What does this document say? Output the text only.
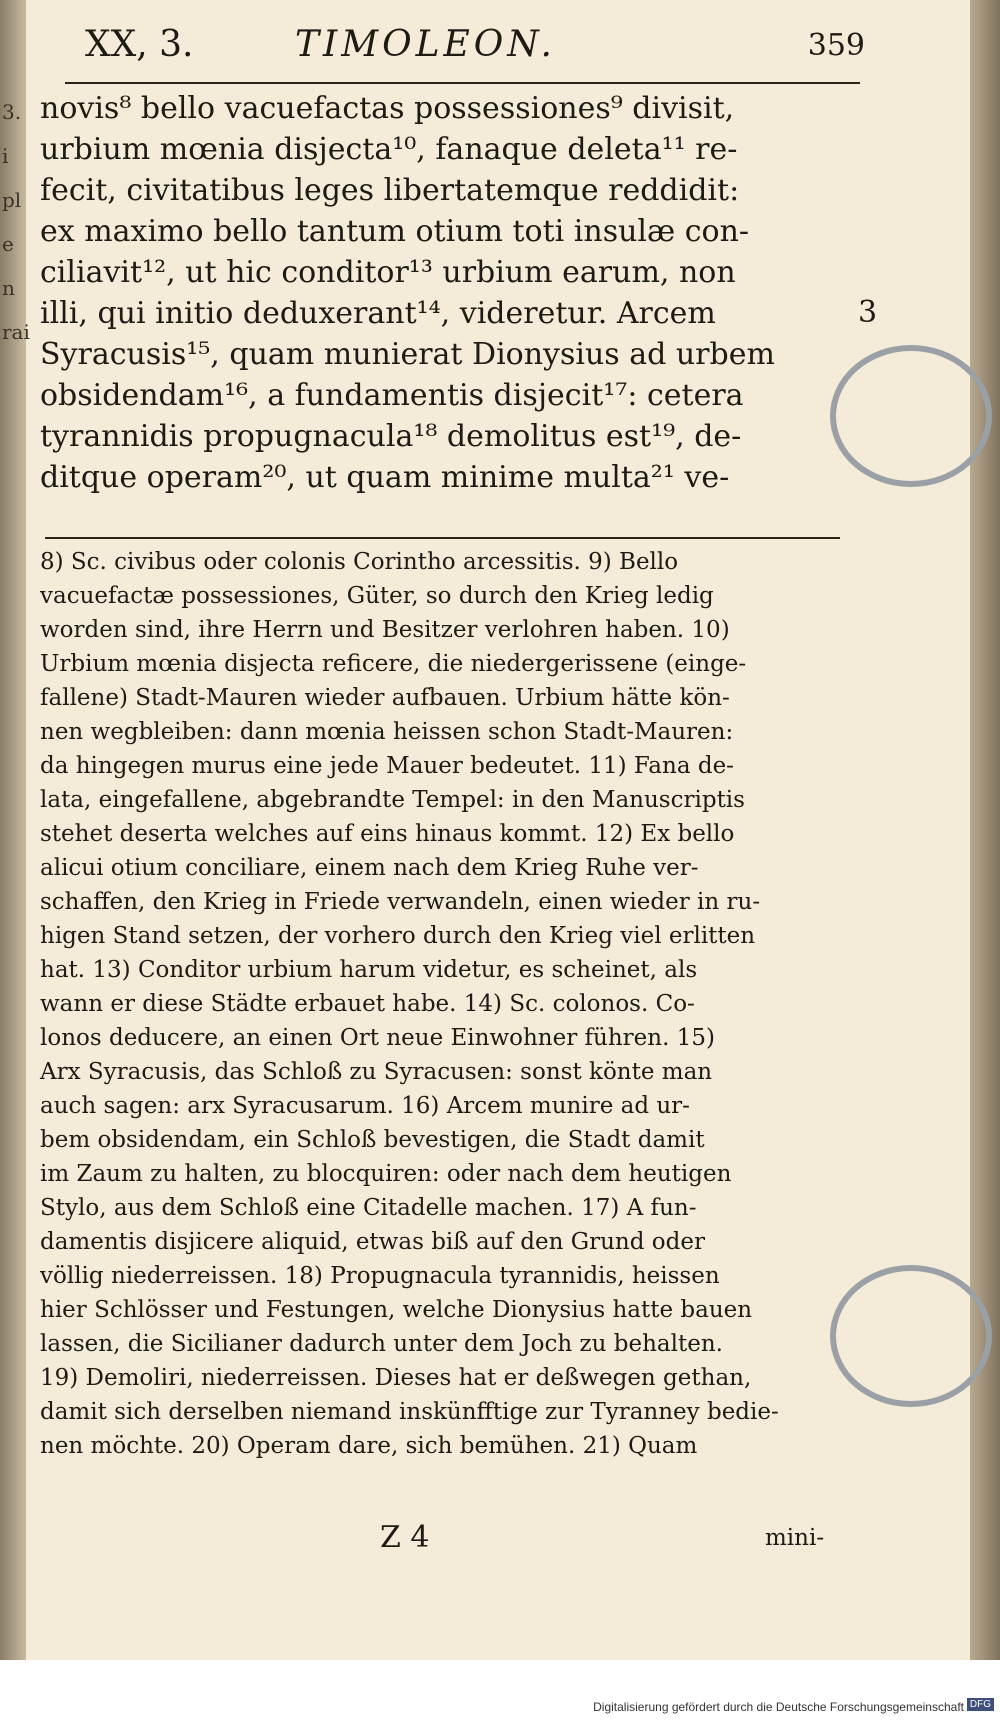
3.
i
pl
e
n
rai
XX, 3.	TIMOLEON.	359
novis⁸ bello vacuefactas possessiones⁹ divisit,
urbium mœnia disjecta¹⁰, fanaque deleta¹¹ re-
fecit, civitatibus leges libertatemque reddidit:
ex maximo bello tantum otium toti insulæ con-
ciliavit¹², ut hic conditor¹³ urbium earum, non
illi, qui initio deduxerant¹⁴, videretur. Arcem
Syracusis¹⁵, quam munierat Dionysius ad urbem
obsidendam¹⁶, a fundamentis disjecit¹⁷: cetera
tyrannidis propugnacula¹⁸ demolitus est¹⁹, de-
ditque operam²⁰, ut quam minime multa²¹ ve-
3
8) Sc. civibus oder colonis Corintho arcessitis. 9) Bello
vacuefactæ possessiones, Güter, so durch den Krieg ledig
worden sind, ihre Herrn und Besitzer verlohren haben. 10)
Urbium mœnia disjecta reficere, die niedergerissene (einge-
fallene) Stadt-Mauren wieder aufbauen. Urbium hätte kön-
nen wegbleiben: dann mœnia heissen schon Stadt-Mauren:
da hingegen murus eine jede Mauer bedeutet. 11) Fana de-
lata, eingefallene, abgebrandte Tempel: in den Manuscriptis
stehet deserta welches auf eins hinaus kommt. 12) Ex bello
alicui otium conciliare, einem nach dem Krieg Ruhe ver-
schaffen, den Krieg in Friede verwandeln, einen wieder in ru-
higen Stand setzen, der vorhero durch den Krieg viel erlitten
hat. 13) Conditor urbium harum videtur, es scheinet, als
wann er diese Städte erbauet habe. 14) Sc. colonos. Co-
lonos deducere, an einen Ort neue Einwohner führen. 15)
Arx Syracusis, das Schloß zu Syracusen: sonst könte man
auch sagen: arx Syracusarum. 16) Arcem munire ad ur-
bem obsidendam, ein Schloß bevestigen, die Stadt damit
im Zaum zu halten, zu blocquiren: oder nach dem heutigen
Stylo, aus dem Schloß eine Citadelle machen. 17) A fun-
damentis disjicere aliquid, etwas biß auf den Grund oder
völlig niederreissen. 18) Propugnacula tyrannidis, heissen
hier Schlösser und Festungen, welche Dionysius hatte bauen
lassen, die Sicilianer dadurch unter dem Joch zu behalten.
19) Demoliri, niederreissen. Dieses hat er deßwegen gethan,
damit sich derselben niemand inskünfftige zur Tyranney bedie-
nen möchte. 20) Operam dare, sich bemühen. 21) Quam
Z 4	mini-
Digitalisierung gefördert durch die Deutsche Forschungsgemeinschaft DFG
